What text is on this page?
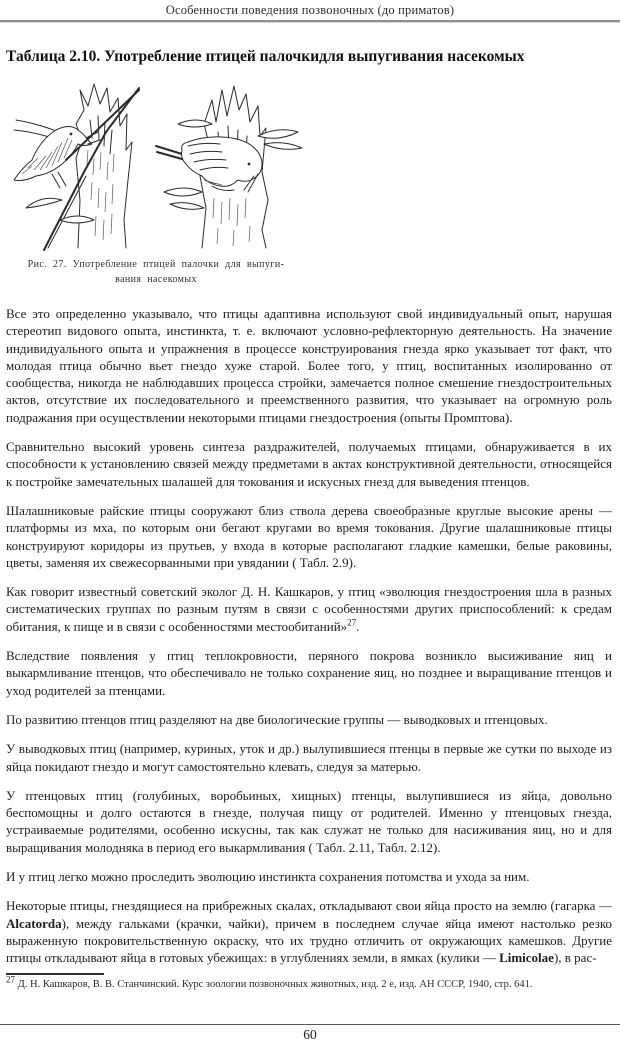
Особенности поведения позвоночных (до приматов)
Таблица 2.10. Употребление птицей палочкидля выпугивания насекомых
Рис. 27. Употребление птицей палочки для выпуги-
вания насекомых

Все это определенно указывало, что птицы адаптивна используют свой индивидуальный опыт, нарушая стереотип видового опыта, инстинкта, т. е. включают условно-рефлекторную деятельность. На значение индивидуального опыта и упражнения в процессе конструирования гнезда ярко указывает тот факт, что молодая птица обычно вьет гнездо хуже старой. Более того, у птиц, воспитанных изолированно от сообщества, никогда не наблюдавших процесса стройки, замечается полное смешение гнездостроительных актов, отсутствие их последовательного и преемственного развития, что указывает на огромную роль подражания при осуществлении некоторыми птицами гнездостроения (опыты Промптова).

Сравнительно высокий уровень синтеза раздражителей, получаемых птицами, обнаруживается в их способности к установлению связей между предметами в актах конструктивной деятельности, относящейся к постройке замечательных шалашей для токования и искусных гнезд для выведения птенцов.

Шалашниковые райские птицы сооружают близ ствола дерева своеобразные круглые высокие арены — платформы из мха, по которым они бегают кругами во время токования. Другие шалашниковые птицы конструируют коридоры из прутьев, у входа в которые располагают гладкие камешки, белые раковины, цветы, заменяя их свежесорванными при увядании ( Табл. 2.9).

Как говорит известный советский эколог Д. Н. Кашкаров, у птиц «эволюция гнездостроения шла в разных систематических группах по разным путям в связи с особенностями других приспособлений: к средам обитания, к пище и в связи с особенностями местообитаний»$^{27}$.

Вследствие появления у птиц теплокровности, перяного покрова возникло высиживание яиц и выкармливание птенцов, что обеспечивало не только сохранение яиц, но позднее и выращивание птенцов и уход родителей за птенцами.

По развитию птенцов птиц разделяют на две биологические группы — выводковых и птенцовых.

У выводковых птиц (например, куриных, уток и др.) вылупившиеся птенцы в первые же сутки по выходе из яйца покидают гнездо и могут самостоятельно клевать, следуя за матерью.

У птенцовых птиц (голубиных, воробьиных, хищных) птенцы, вылупившиеся из яйца, довольно беспомощны и долго остаются в гнезде, получая пищу от родителей. Именно у птенцовых гнезда, устраиваемые родителями, особенно искусны, так как служат не только для насиживания яиц, но и для выращивания молодняка в период его выкармливания ( Табл. 2.11, Табл. 2.12).

И у птиц легко можно проследить эволюцию инстинкта сохранения потомства и ухода за ним.

Некоторые птицы, гнездящиеся на прибрежных скалах, откладывают свои яйца просто на землю (гагарка — Alcatorda), между гальками (крачки, чайки), причем в последнем случае яйца имеют настолько резко выраженную покровительственную окраску, что их трудно отличить от окружающих камешков. Другие птицы откладывают яйца в готовых убежищах: в углублениях земли, в ямках (кулики — Limicolae), в рас-

$^{27}$ Д. Н. Кашкаров, В. В. Станчинский. Курс зоологии позвоночных животных, изд. 2 е, изд. АН СССР, 1940, стр. 641.
60
